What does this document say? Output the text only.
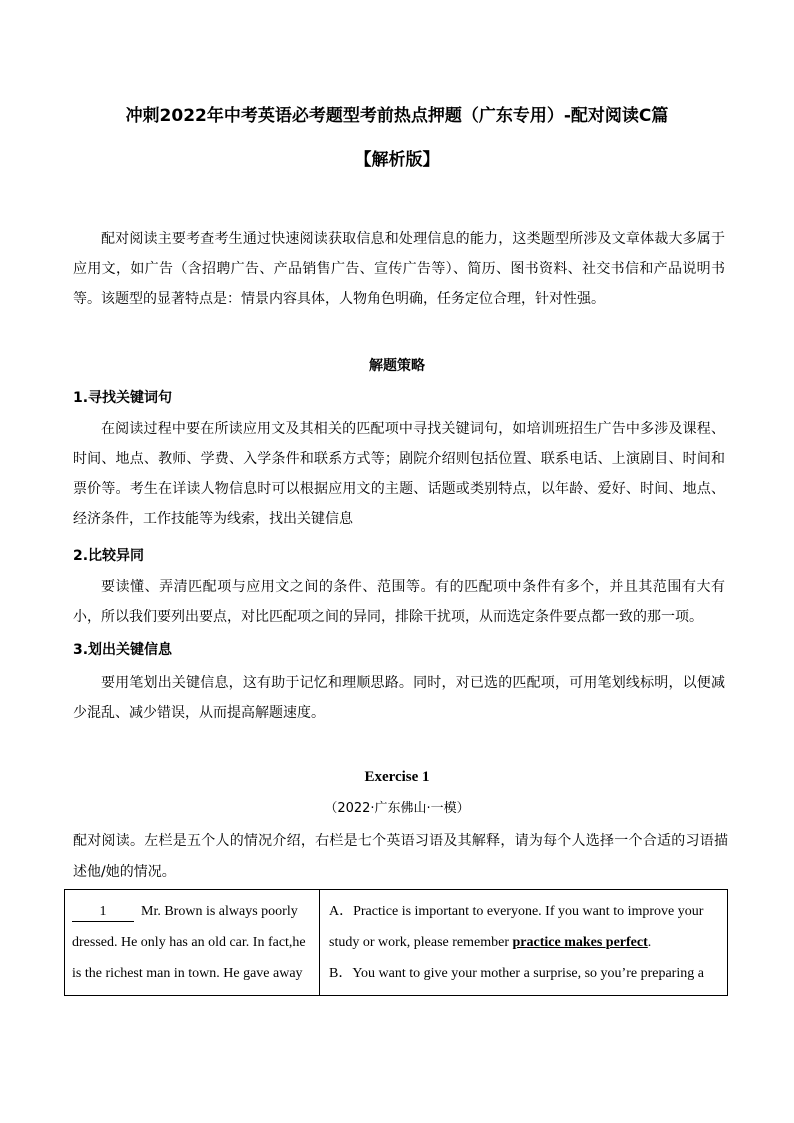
冲刺2022年中考英语必考题型考前热点押题（广东专用）-配对阅读C篇
【解析版】
配对阅读主要考查考生通过快速阅读获取信息和处理信息的能力，这类题型所涉及文章体裁大多属于应用文，如广告（含招聘广告、产品销售广告、宣传广告等）、简历、图书资料、社交书信和产品说明书等。该题型的显著特点是：情景内容具体，人物角色明确，任务定位合理，针对性强。
解题策略
1.寻找关键词句
在阅读过程中要在所读应用文及其相关的匹配项中寻找关键词句，如培训班招生广告中多涉及课程、时间、地点、教师、学费、入学条件和联系方式等；剧院介绍则包括位置、联系电话、上演剧目、时间和票价等。考生在详读人物信息时可以根据应用文的主题、话题或类别特点，以年龄、爱好、时间、地点、经济条件，工作技能等为线索，找出关键信息
2.比较异同
要读懂、弄清匹配项与应用文之间的条件、范围等。有的匹配项中条件有多个，并且其范围有大有小，所以我们要列出要点，对比匹配项之间的异同，排除干扰项，从而选定条件要点都一致的那一项。
3.划出关键信息
要用笔划出关键信息，这有助于记忆和理顺思路。同时，对已选的匹配项，可用笔划线标明，以便减少混乱、减少错误，从而提高解题速度。
Exercise 1
（2022·广东佛山·一模）
配对阅读。左栏是五个人的情况介绍，右栏是七个英语习语及其解释，请为每个人选择一个合适的习语描述他/她的情况。
1 Mr. Brown is always poorly
dressed. He only has an old car. In fact,he
is the richest man in town. He gave away
A．Practice is important to everyone. If you want to improve your
study or work, please remember practice makes perfect.
B．You want to give your mother a surprise, so you’re preparing a
